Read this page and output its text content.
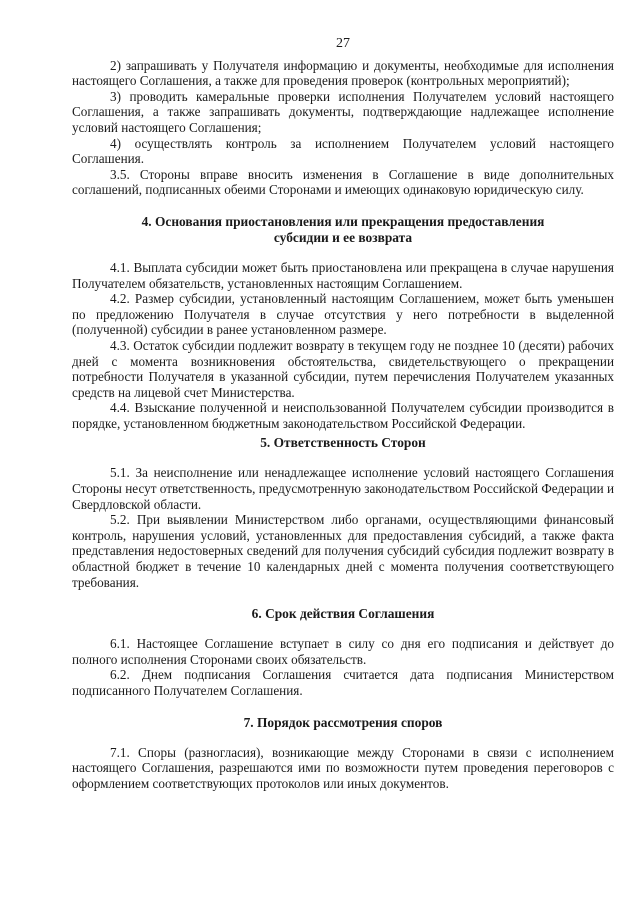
27

2) запрашивать у Получателя информацию и документы, необходимые для исполнения настоящего Соглашения, а также для проведения проверок (контрольных мероприятий);

3) проводить камеральные проверки исполнения Получателем условий настоящего Соглашения, а также запрашивать документы, подтверждающие надлежащее исполнение условий настоящего Соглашения;

4) осуществлять контроль за исполнением Получателем условий настоящего Соглашения.

3.5. Стороны вправе вносить изменения в Соглашение в виде дополнительных соглашений, подписанных обеими Сторонами и имеющих одинаковую юридическую силу.

4. Основания приостановления или прекращения предоставления
субсидии и ее возврата

4.1. Выплата субсидии может быть приостановлена или прекращена в случае нарушения Получателем обязательств, установленных настоящим Соглашением.

4.2. Размер субсидии, установленный настоящим Соглашением, может быть уменьшен по предложению Получателя в случае отсутствия у него потребности в выделенной (полученной) субсидии в ранее установленном размере.

4.3. Остаток субсидии подлежит возврату в текущем году не позднее 10 (десяти) рабочих дней с момента возникновения обстоятельства, свидетельствующего о прекращении потребности Получателя в указанной субсидии, путем перечисления Получателем указанных средств на лицевой счет Министерства.

4.4. Взыскание полученной и неиспользованной Получателем субсидии производится в порядке, установленном бюджетным законодательством Российской Федерации.

5. Ответственность Сторон

5.1. За неисполнение или ненадлежащее исполнение условий настоящего Соглашения Стороны несут ответственность, предусмотренную законодательством Российской Федерации и Свердловской области.

5.2. При выявлении Министерством либо органами, осуществляющими финансовый контроль, нарушения условий, установленных для предоставления субсидий, а также факта представления недостоверных сведений для получения субсидий субсидия подлежит возврату в областной бюджет в течение 10 календарных дней с момента получения соответствующего требования.

6. Срок действия Соглашения

6.1. Настоящее Соглашение вступает в силу со дня его подписания и действует до полного исполнения Сторонами своих обязательств.

6.2. Днем подписания Соглашения считается дата подписания Министерством подписанного Получателем Соглашения.

7. Порядок рассмотрения споров

7.1. Споры (разногласия), возникающие между Сторонами в связи с исполнением настоящего Соглашения, разрешаются ими по возможности путем проведения переговоров с оформлением соответствующих протоколов или иных документов.
